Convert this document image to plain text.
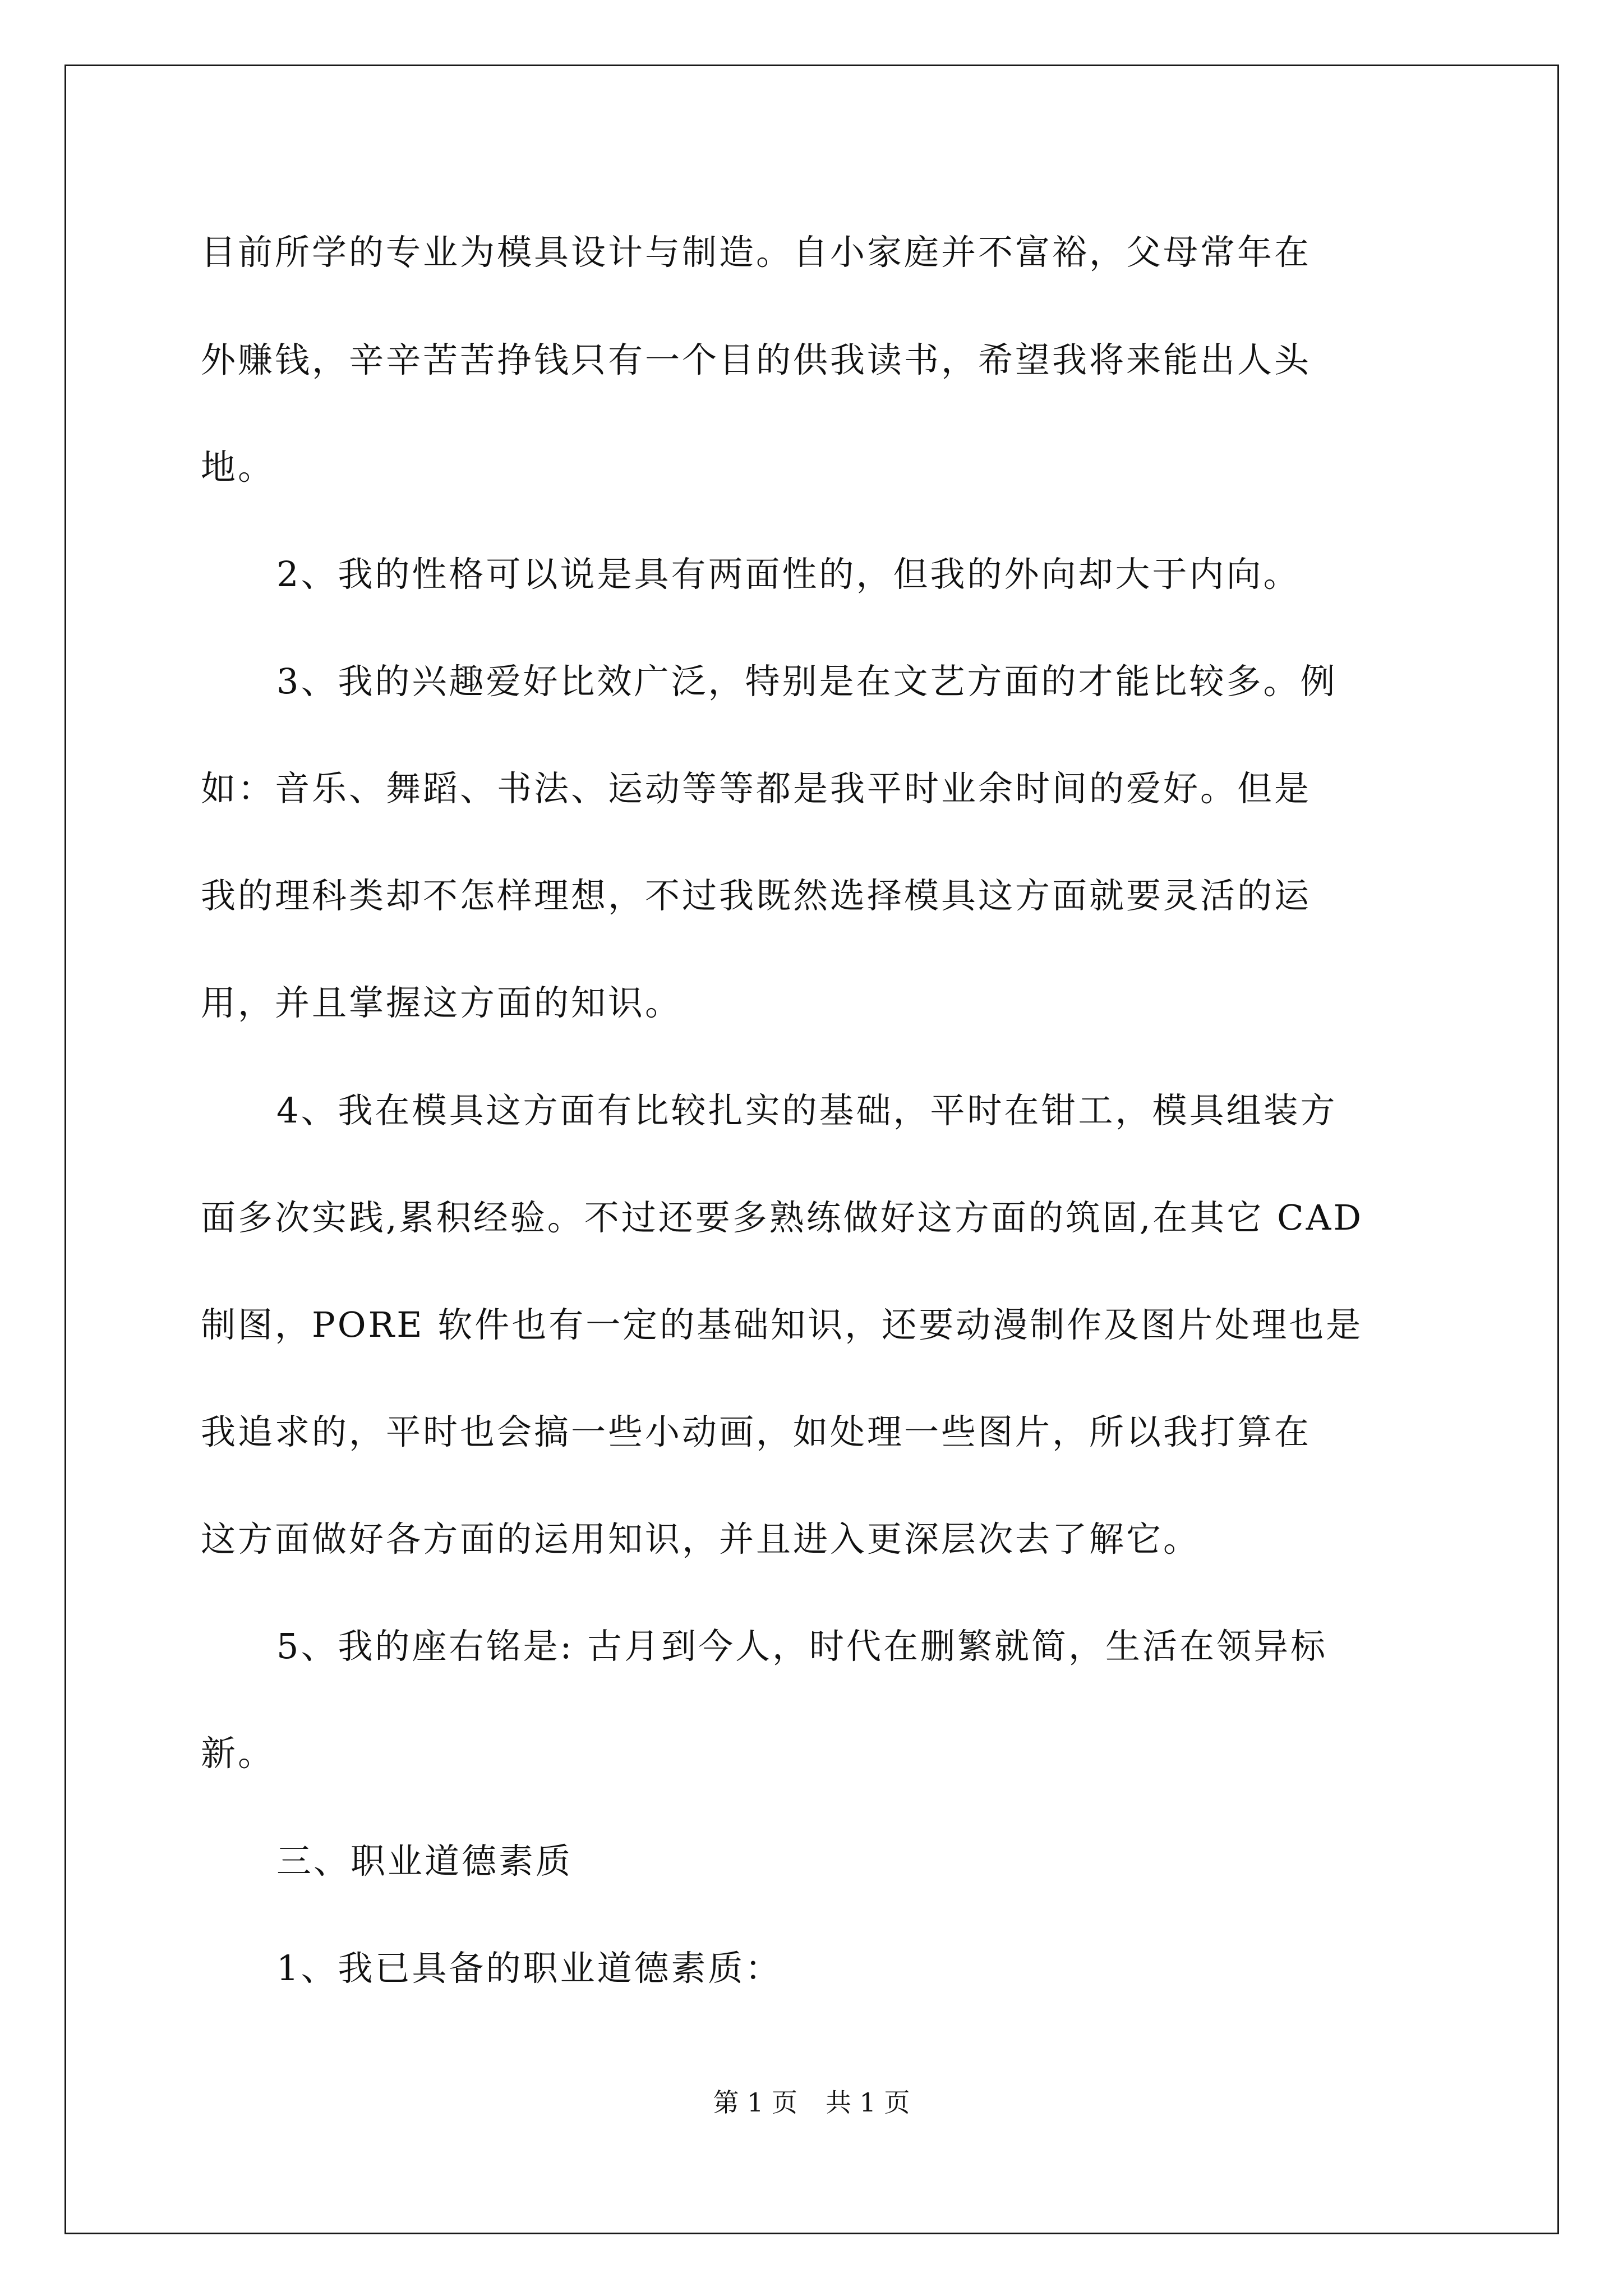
目前所学的专业为模具设计与制造。自小家庭并不富裕，父母常年在
外赚钱，辛辛苦苦挣钱只有一个目的供我读书，希望我将来能出人头
地。
2、我的性格可以说是具有两面性的，但我的外向却大于内向。
3、我的兴趣爱好比效广泛，特别是在文艺方面的才能比较多。例
如：音乐、舞蹈、书法、运动等等都是我平时业余时间的爱好。但是
我的理科类却不怎样理想，不过我既然选择模具这方面就要灵活的运
用，并且掌握这方面的知识。
4、我在模具这方面有比较扎实的基础，平时在钳工，模具组装方
面多次实践,累积经验。不过还要多熟练做好这方面的筑固,在其它 CAD
制图，PORE 软件也有一定的基础知识，还要动漫制作及图片处理也是
我追求的，平时也会搞一些小动画，如处理一些图片，所以我打算在
这方面做好各方面的运用知识，并且进入更深层次去了解它。
5、我的座右铭是: 古月到今人，时代在删繁就简，生活在领异标
新。
三、职业道德素质
1、我已具备的职业道德素质：
第 1 页 共 1 页
